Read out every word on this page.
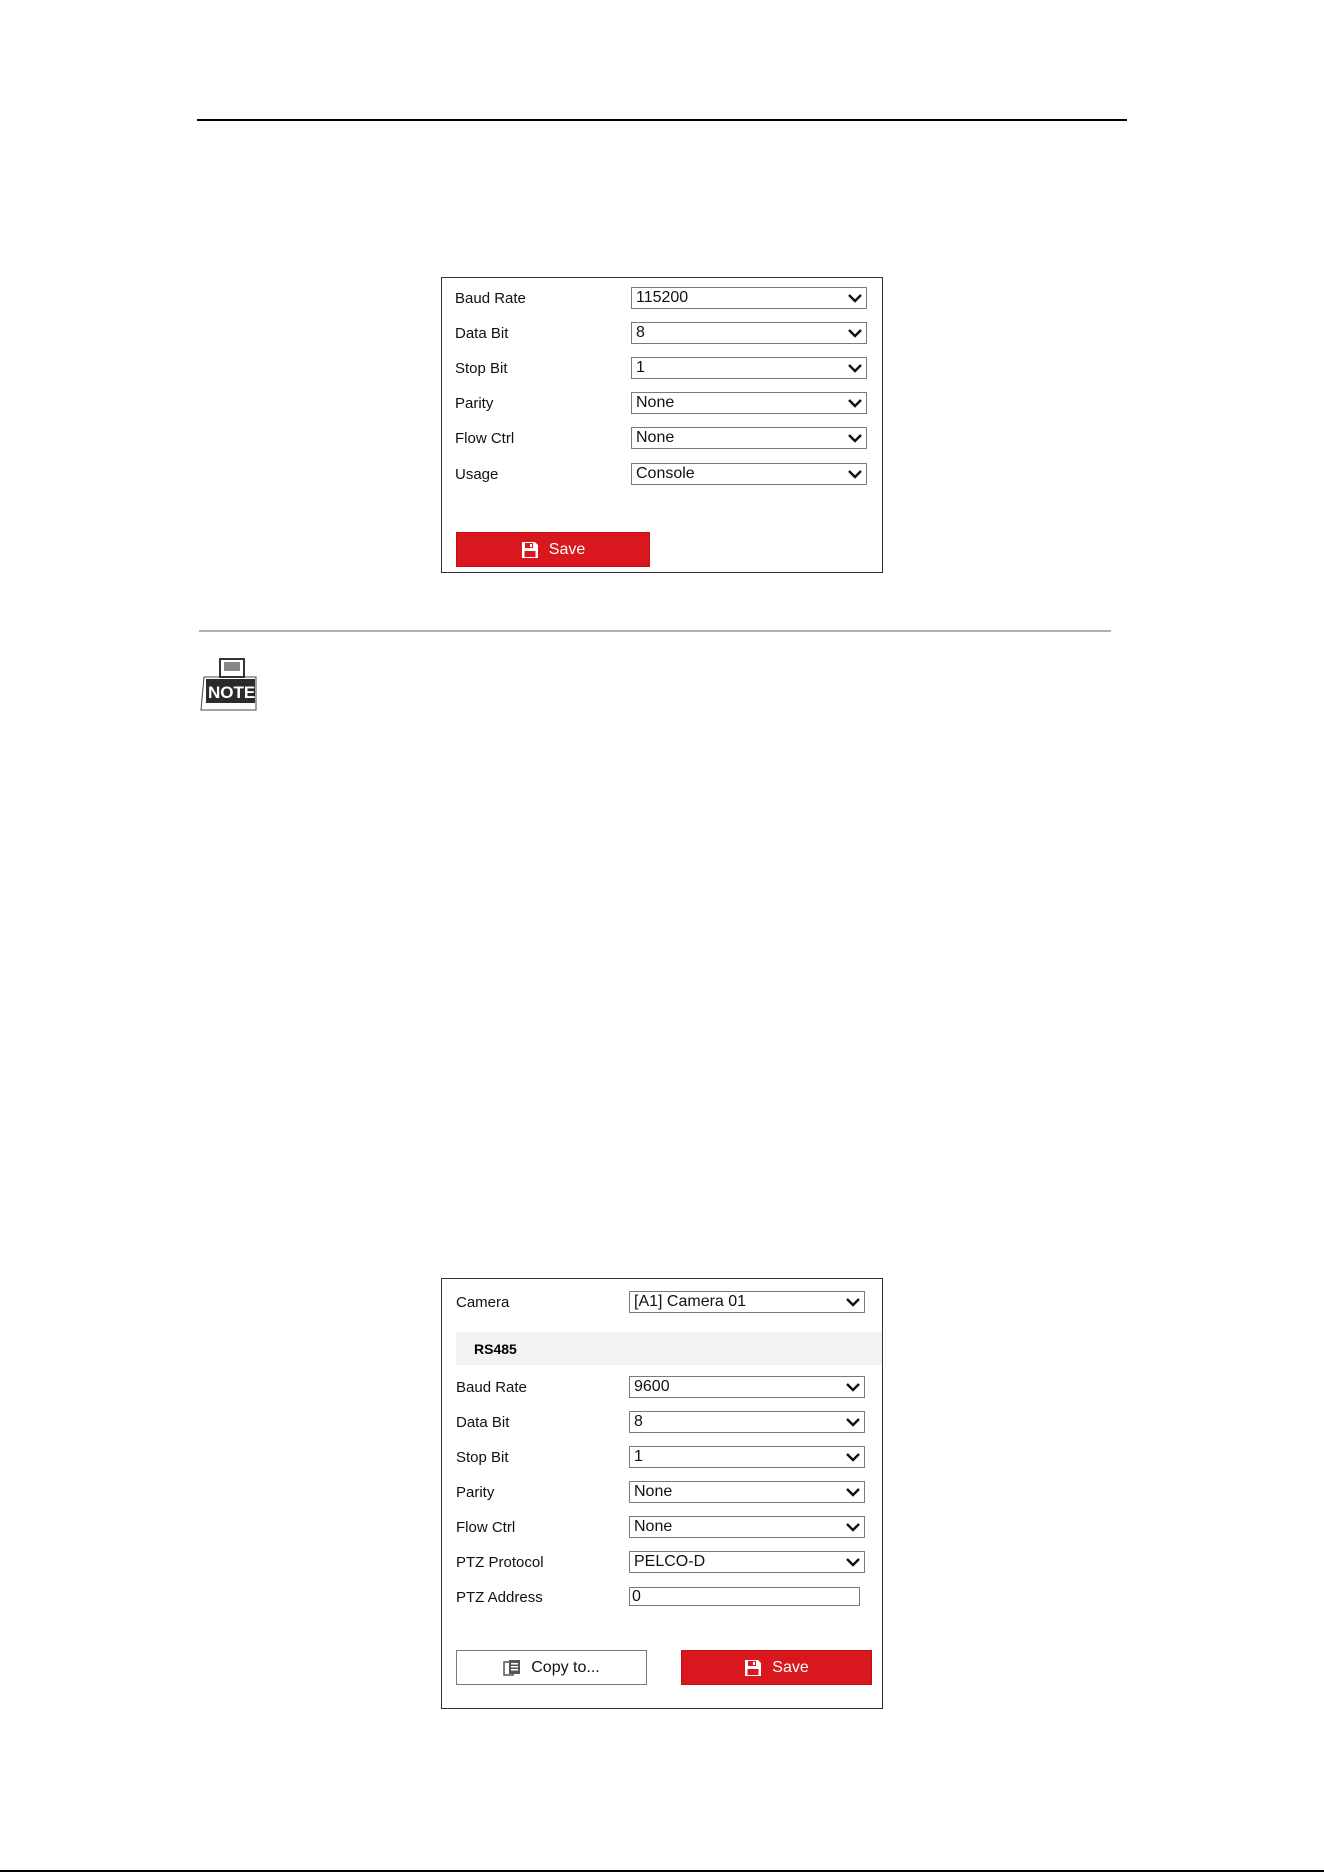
Baud Rate	115200
Data Bit	8
Stop Bit	1
Parity	None
Flow Ctrl	None
Usage	Console
Save
NOTE
Camera	[A1] Camera 01
RS485
Baud Rate	9600
Data Bit	8
Stop Bit	1
Parity	None
Flow Ctrl	None
PTZ Protocol	PELCO-D
PTZ Address	0
Copy to...	Save
